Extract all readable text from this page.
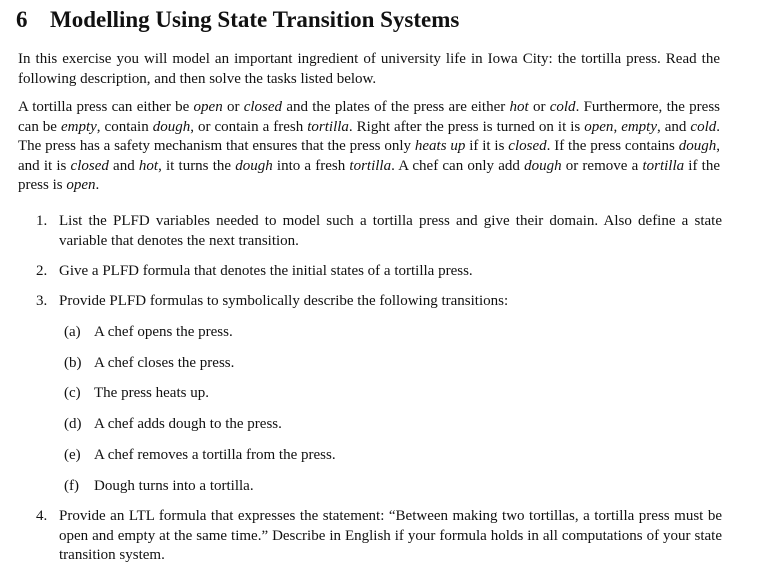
6 Modelling Using State Transition Systems

In this exercise you will model an important ingredient of university life in Iowa City: the tortilla press. Read the following description, and then solve the tasks listed below.

A tortilla press can either be open or closed and the plates of the press are either hot or cold. Furthermore, the press can be empty, contain dough, or contain a fresh tortilla. Right after the press is turned on it is open, empty, and cold. The press has a safety mechanism that ensures that the press only heats up if it is closed. If the press contains dough, and it is closed and hot, it turns the dough into a fresh tortilla. A chef can only add dough or remove a tortilla if the press is open.

1. List the PLFD variables needed to model such a tortilla press and give their domain. Also define a state variable that denotes the next transition.
2. Give a PLFD formula that denotes the initial states of a tortilla press.
3. Provide PLFD formulas to symbolically describe the following transitions:
(a) A chef opens the press.
(b) A chef closes the press.
(c) The press heats up.
(d) A chef adds dough to the press.
(e) A chef removes a tortilla from the press.
(f) Dough turns into a tortilla.
4. Provide an LTL formula that expresses the statement: “Between making two tortillas, a tortilla press must be open and empty at the same time.” Describe in English if your formula holds in all computations of your state transition system.
